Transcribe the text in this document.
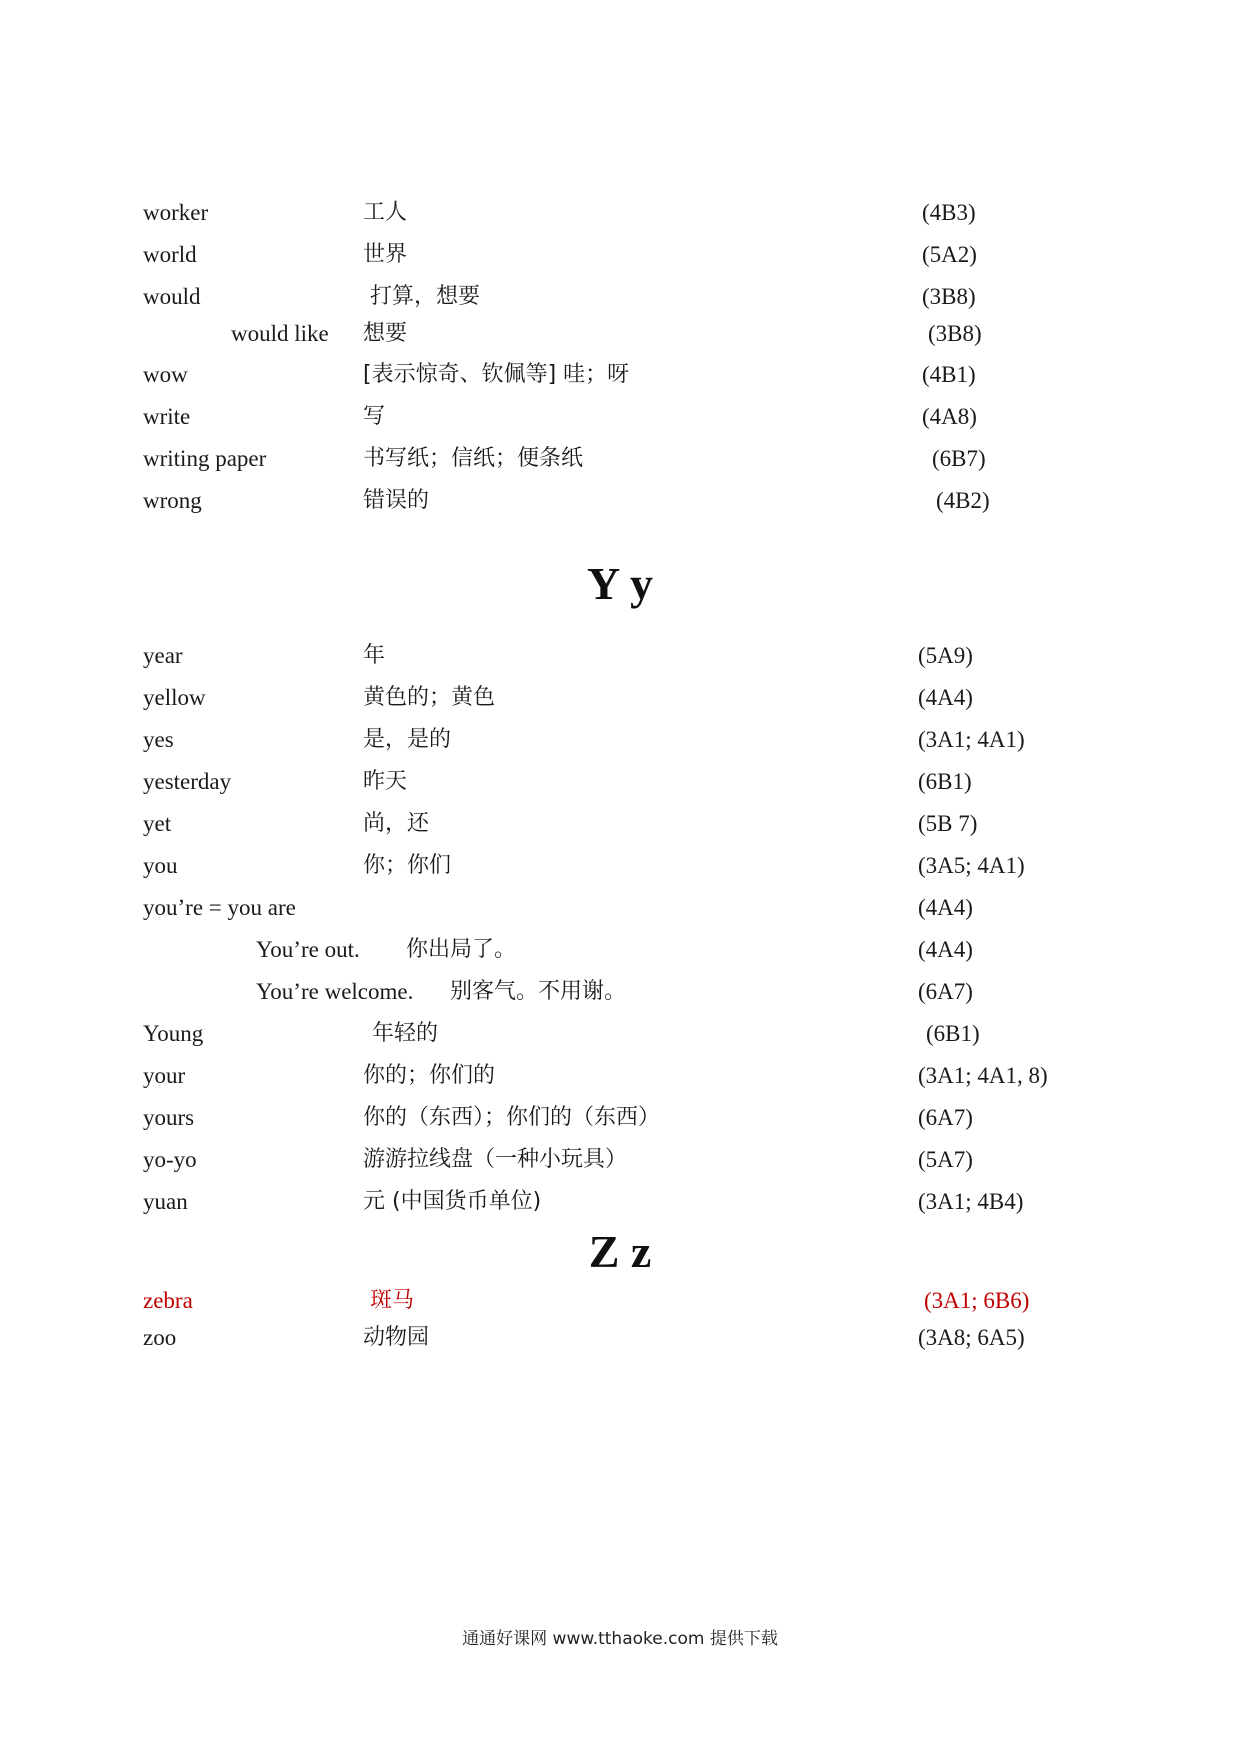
worker	工人	(4B3)
world	世界	(5A2)
would	打算，想要	(3B8)
would like 想要	(3B8)
wow	[表示惊奇、钦佩等] 哇；呀	(4B1)
write	写	(4A8)
writing paper	书写纸；信纸；便条纸	(6B7)
wrong	错误的	(4B2)
Y y
year	年	(5A9)
yellow	黄色的；黄色	(4A4)
yes	是，是的	(3A1; 4A1)
yesterday	昨天	(6B1)
yet	尚，还	(5B 7)
you	你；你们	(3A5; 4A1)
you’re = you are	(4A4)
You’re out. 你出局了。	(4A4)
You’re welcome. 别客气。不用谢。	(6A7)
Young	年轻的	(6B1)
your	你的；你们的	(3A1; 4A1, 8)
yours	你的（东西）；你们的（东西）	(6A7)
yo-yo	游游拉线盘（一种小玩具）	(5A7)
yuan	元 (中国货币单位)	(3A1; 4B4)
Z z
zebra	斑马	(3A1; 6B6)
zoo	动物园	(3A8; 6A5)
通通好课网 www.tthaoke.com 提供下载
